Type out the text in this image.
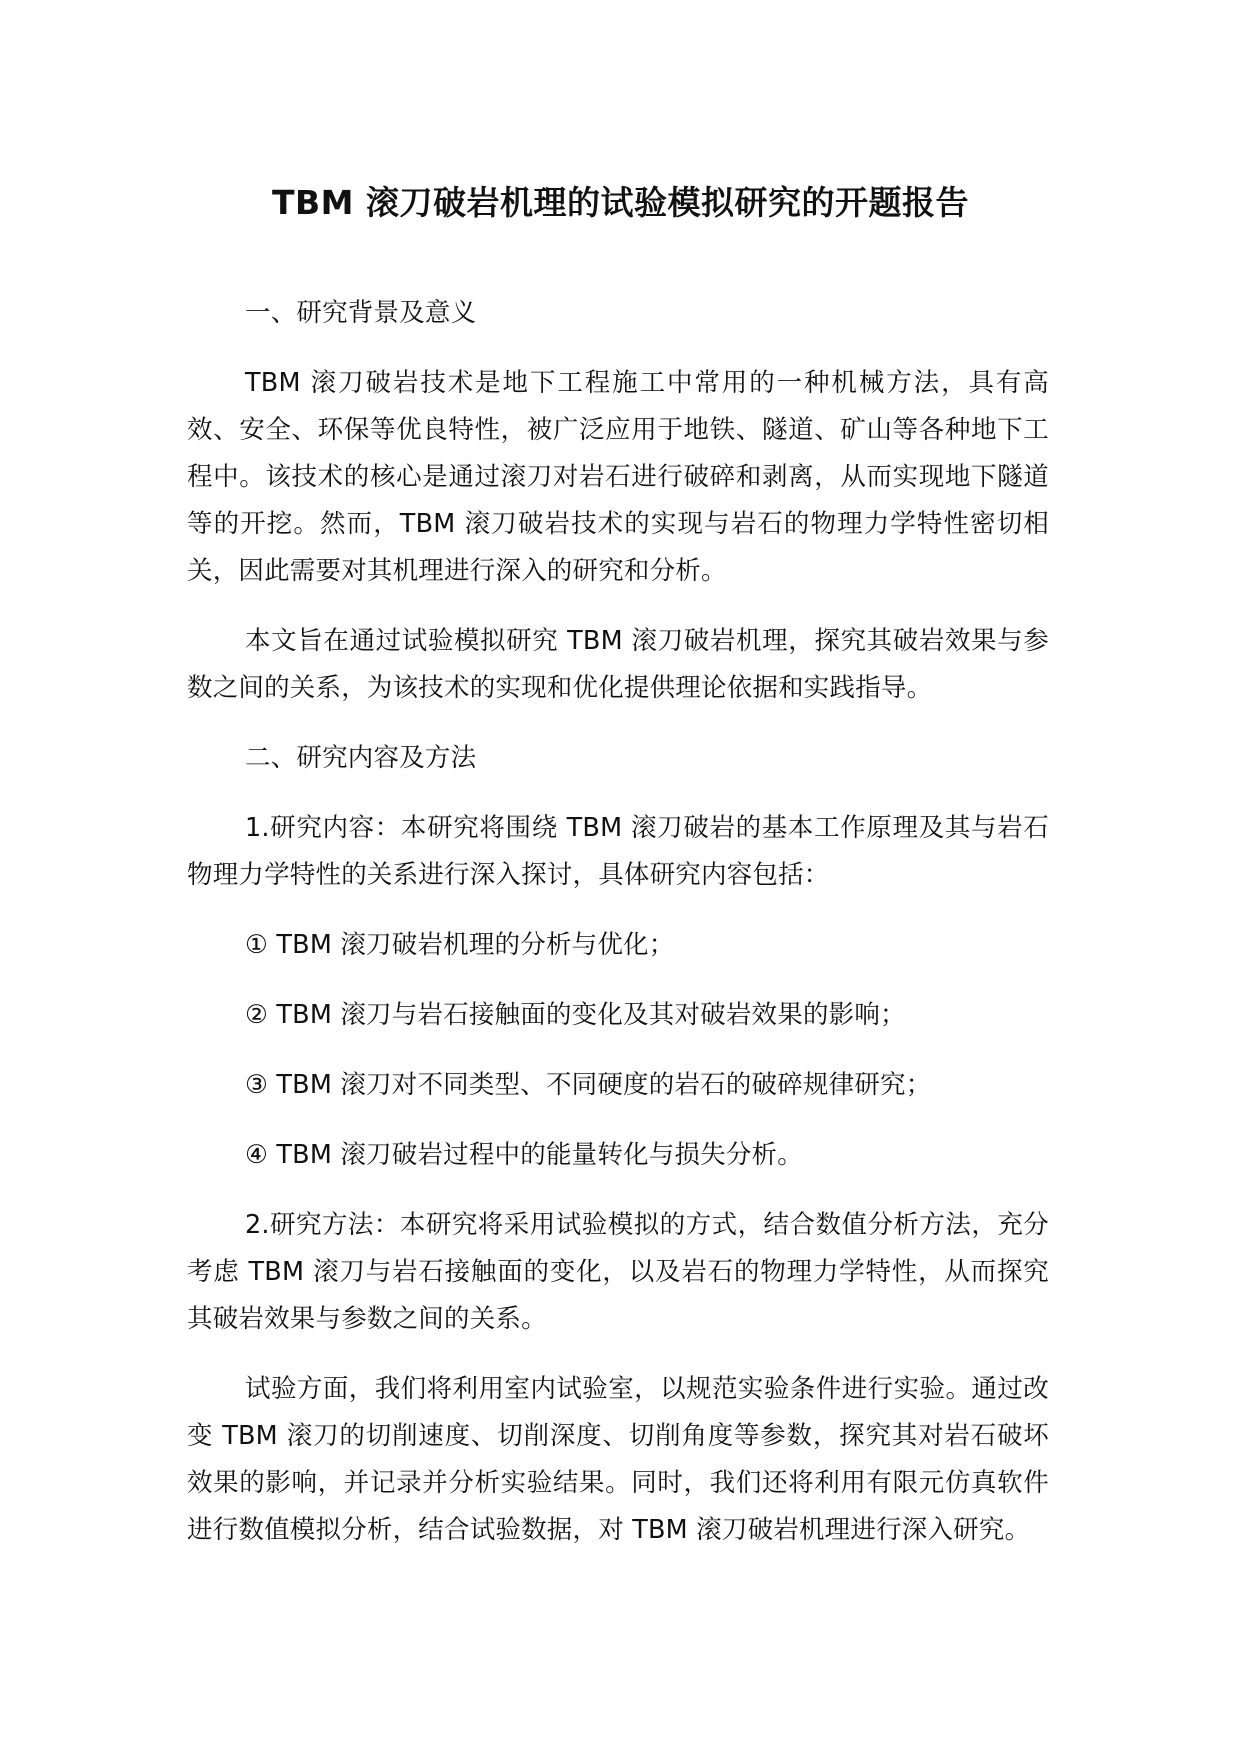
TBM 滚刀破岩机理的试验模拟研究的开题报告

一、研究背景及意义

TBM 滚刀破岩技术是地下工程施工中常用的一种机械方法，具有高效、安全、环保等优良特性，被广泛应用于地铁、隧道、矿山等各种地下工程中。该技术的核心是通过滚刀对岩石进行破碎和剥离，从而实现地下隧道等的开挖。然而，TBM 滚刀破岩技术的实现与岩石的物理力学特性密切相关，因此需要对其机理进行深入的研究和分析。

本文旨在通过试验模拟研究 TBM 滚刀破岩机理，探究其破岩效果与参数之间的关系，为该技术的实现和优化提供理论依据和实践指导。

二、研究内容及方法

1.研究内容：本研究将围绕 TBM 滚刀破岩的基本工作原理及其与岩石物理力学特性的关系进行深入探讨，具体研究内容包括：

① TBM 滚刀破岩机理的分析与优化；

② TBM 滚刀与岩石接触面的变化及其对破岩效果的影响；

③ TBM 滚刀对不同类型、不同硬度的岩石的破碎规律研究；

④ TBM 滚刀破岩过程中的能量转化与损失分析。

2.研究方法：本研究将采用试验模拟的方式，结合数值分析方法，充分考虑 TBM 滚刀与岩石接触面的变化，以及岩石的物理力学特性，从而探究其破岩效果与参数之间的关系。

试验方面，我们将利用室内试验室，以规范实验条件进行实验。通过改变 TBM 滚刀的切削速度、切削深度、切削角度等参数，探究其对岩石破坏效果的影响，并记录并分析实验结果。同时，我们还将利用有限元仿真软件进行数值模拟分析，结合试验数据，对 TBM 滚刀破岩机理进行深入研究。
